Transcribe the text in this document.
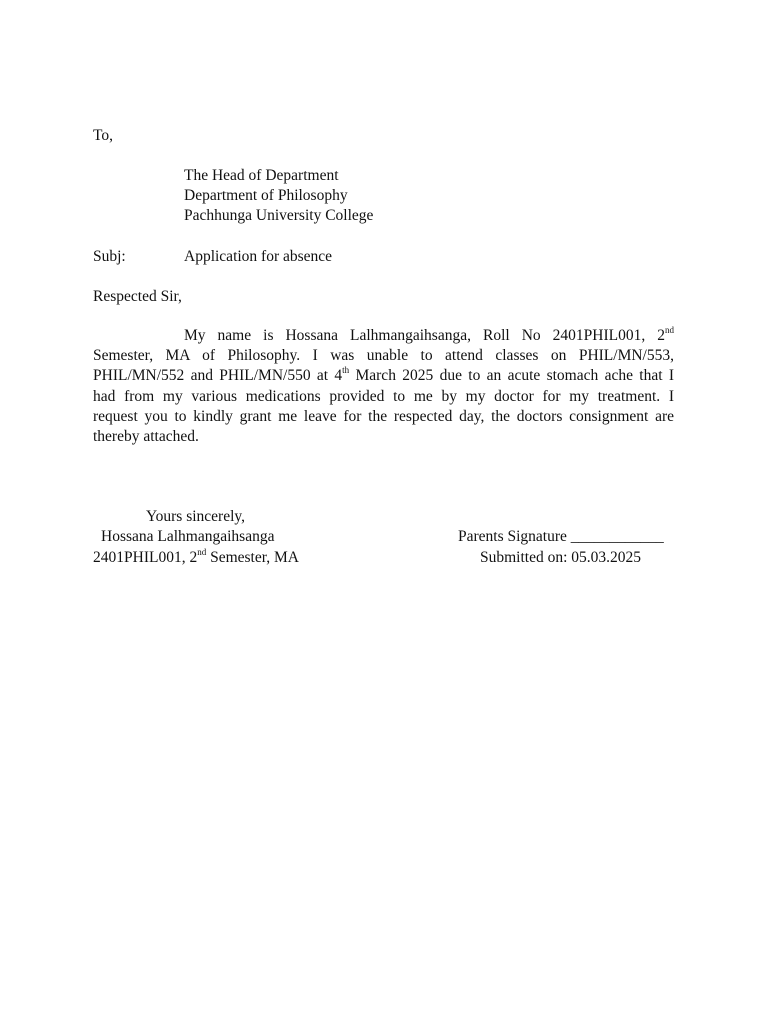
To,
The Head of Department
Department of Philosophy
Pachhunga University College
Subj:	Application for absence
Respected Sir,
My name is Hossana Lalhmangaihsanga, Roll No 2401PHIL001, 2nd
Semester, MA of Philosophy. I was unable to attend classes on PHIL/MN/553,
PHIL/MN/552 and PHIL/MN/550 at 4th March 2025 due to an acute stomach ache that I
had from my various medications provided to me by my doctor for my treatment. I
request you to kindly grant me leave for the respected day, the doctors consignment are
thereby attached.
Yours sincerely,
Hossana Lalhmangaihsanga
2401PHIL001, 2nd Semester, MA
Parents Signature ____________
Submitted on: 05.03.2025
